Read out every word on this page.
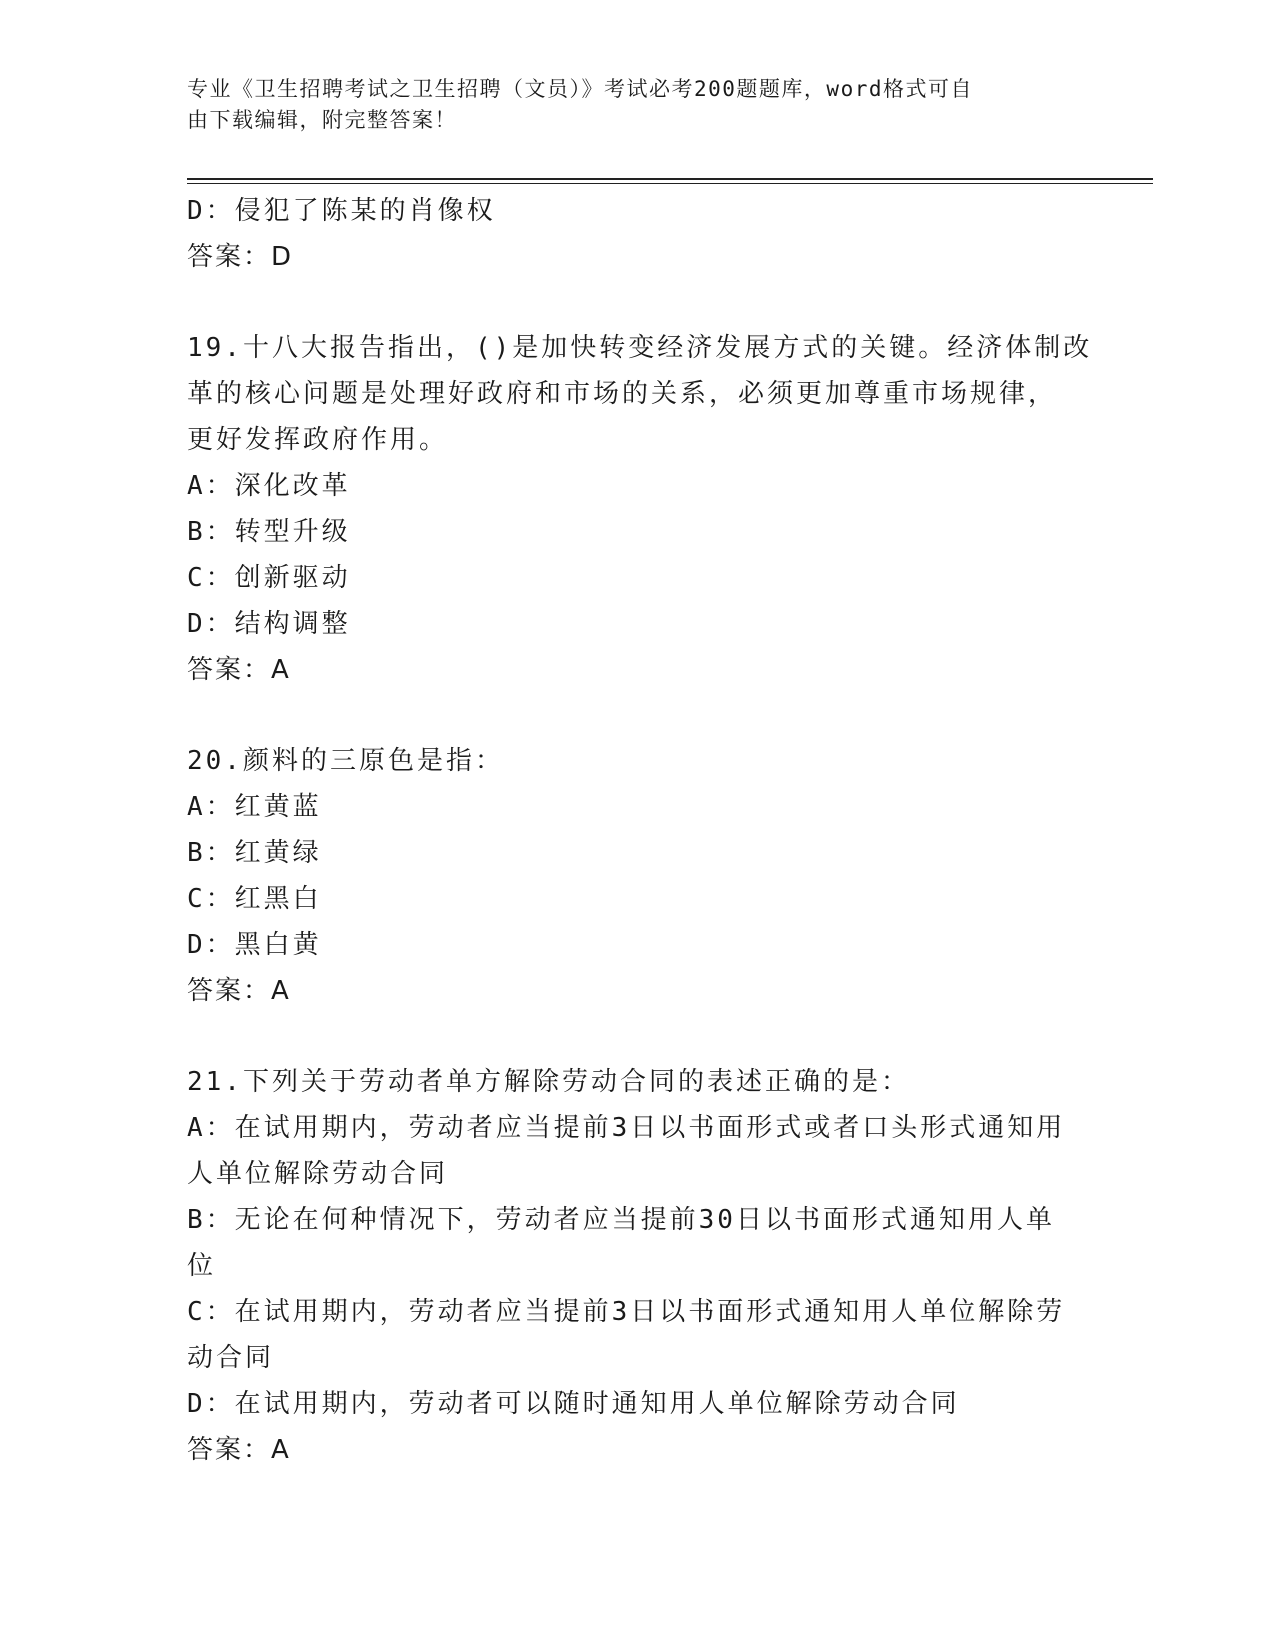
专业《卫生招聘考试之卫生招聘（文员）》考试必考200题题库，word格式可自
由下载编辑，附完整答案！
D：侵犯了陈某的肖像权
答案：D
19.十八大报告指出，()是加快转变经济发展方式的关键。经济体制改
革的核心问题是处理好政府和市场的关系，必须更加尊重市场规律，
更好发挥政府作用。
A：深化改革
B：转型升级
C：创新驱动
D：结构调整
答案：A
20.颜料的三原色是指：
A：红黄蓝
B：红黄绿
C：红黑白
D：黑白黄
答案：A
21.下列关于劳动者单方解除劳动合同的表述正确的是：
A：在试用期内，劳动者应当提前3日以书面形式或者口头形式通知用
人单位解除劳动合同
B：无论在何种情况下，劳动者应当提前30日以书面形式通知用人单
位
C：在试用期内，劳动者应当提前3日以书面形式通知用人单位解除劳
动合同
D：在试用期内，劳动者可以随时通知用人单位解除劳动合同
答案：A
